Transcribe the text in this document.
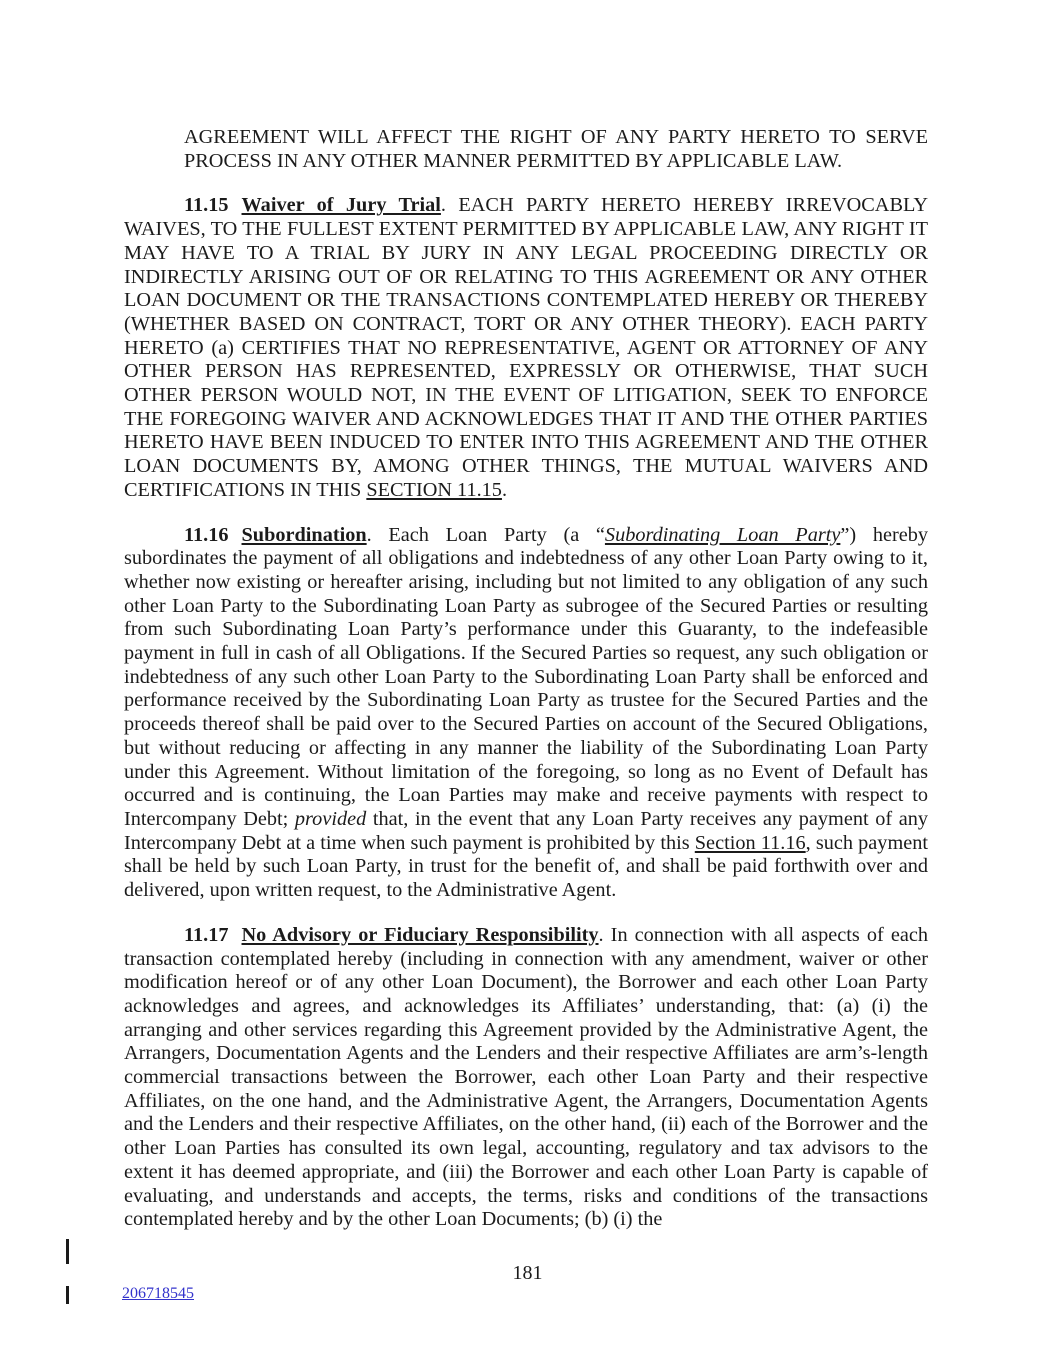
AGREEMENT WILL AFFECT THE RIGHT OF ANY PARTY HERETO TO SERVE PROCESS IN ANY OTHER MANNER PERMITTED BY APPLICABLE LAW.
11.15 Waiver of Jury Trial. EACH PARTY HERETO HEREBY IRREVOCABLY WAIVES, TO THE FULLEST EXTENT PERMITTED BY APPLICABLE LAW, ANY RIGHT IT MAY HAVE TO A TRIAL BY JURY IN ANY LEGAL PROCEEDING DIRECTLY OR INDIRECTLY ARISING OUT OF OR RELATING TO THIS AGREEMENT OR ANY OTHER LOAN DOCUMENT OR THE TRANSACTIONS CONTEMPLATED HEREBY OR THEREBY (WHETHER BASED ON CONTRACT, TORT OR ANY OTHER THEORY). EACH PARTY HERETO (a) CERTIFIES THAT NO REPRESENTATIVE, AGENT OR ATTORNEY OF ANY OTHER PERSON HAS REPRESENTED, EXPRESSLY OR OTHERWISE, THAT SUCH OTHER PERSON WOULD NOT, IN THE EVENT OF LITIGATION, SEEK TO ENFORCE THE FOREGOING WAIVER AND ACKNOWLEDGES THAT IT AND THE OTHER PARTIES HERETO HAVE BEEN INDUCED TO ENTER INTO THIS AGREEMENT AND THE OTHER LOAN DOCUMENTS BY, AMONG OTHER THINGS, THE MUTUAL WAIVERS AND CERTIFICATIONS IN THIS SECTION 11.15.
11.16 Subordination. Each Loan Party (a “Subordinating Loan Party”) hereby subordinates the payment of all obligations and indebtedness of any other Loan Party owing to it, whether now existing or hereafter arising, including but not limited to any obligation of any such other Loan Party to the Subordinating Loan Party as subrogee of the Secured Parties or resulting from such Subordinating Loan Party’s performance under this Guaranty, to the indefeasible payment in full in cash of all Obligations. If the Secured Parties so request, any such obligation or indebtedness of any such other Loan Party to the Subordinating Loan Party shall be enforced and performance received by the Subordinating Loan Party as trustee for the Secured Parties and the proceeds thereof shall be paid over to the Secured Parties on account of the Secured Obligations, but without reducing or affecting in any manner the liability of the Subordinating Loan Party under this Agreement. Without limitation of the foregoing, so long as no Event of Default has occurred and is continuing, the Loan Parties may make and receive payments with respect to Intercompany Debt; provided that, in the event that any Loan Party receives any payment of any Intercompany Debt at a time when such payment is prohibited by this Section 11.16, such payment shall be held by such Loan Party, in trust for the benefit of, and shall be paid forthwith over and delivered, upon written request, to the Administrative Agent.
11.17 No Advisory or Fiduciary Responsibility. In connection with all aspects of each transaction contemplated hereby (including in connection with any amendment, waiver or other modification hereof or of any other Loan Document), the Borrower and each other Loan Party acknowledges and agrees, and acknowledges its Affiliates’ understanding, that: (a) (i) the arranging and other services regarding this Agreement provided by the Administrative Agent, the Arrangers, Documentation Agents and the Lenders and their respective Affiliates are arm’s-length commercial transactions between the Borrower, each other Loan Party and their respective Affiliates, on the one hand, and the Administrative Agent, the Arrangers, Documentation Agents and the Lenders and their respective Affiliates, on the other hand, (ii) each of the Borrower and the other Loan Parties has consulted its own legal, accounting, regulatory and tax advisors to the extent it has deemed appropriate, and (iii) the Borrower and each other Loan Party is capable of evaluating, and understands and accepts, the terms, risks and conditions of the transactions contemplated hereby and by the other Loan Documents; (b) (i) the
181
206718545
